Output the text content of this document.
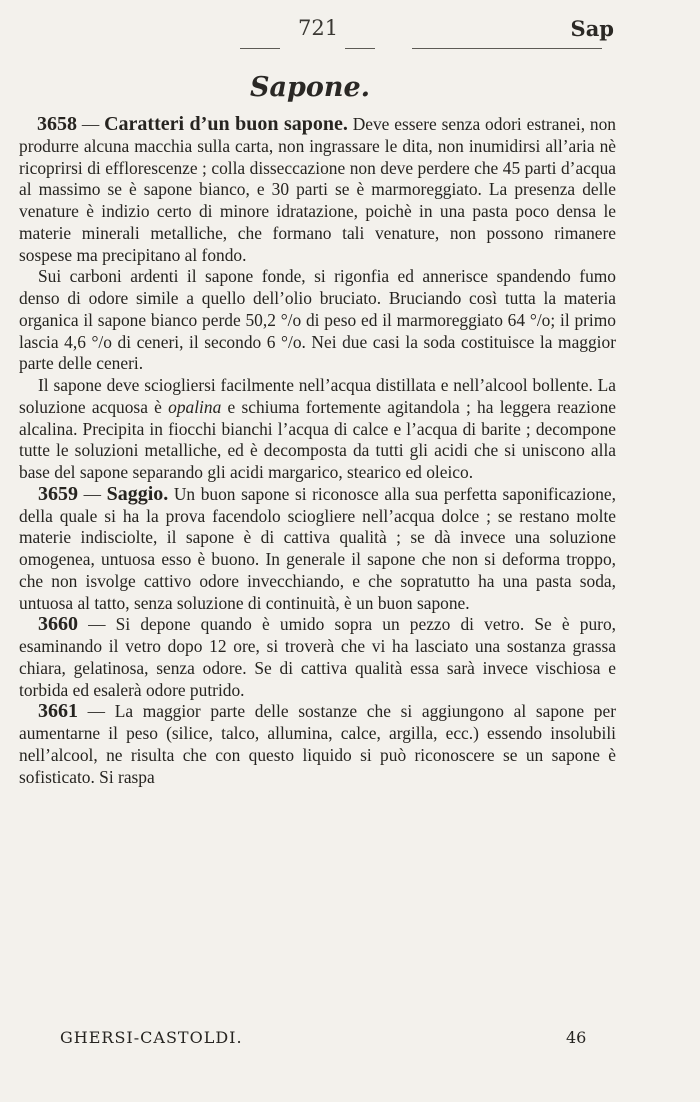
721	Sap
Sapone.

3658 — Caratteri d’un buon sapone. Deve essere senza odori estranei, non produrre alcuna macchia sulla carta, non ingrassare le dita, non inumidirsi all’aria nè ricoprirsi di efflorescenze ; colla disseccazione non deve perdere che 45 parti d’acqua al massimo se è sapone bianco, e 30 parti se è marmoreggiato. La presenza delle venature è indizio certo di minore idratazione, poichè in una pasta poco densa le materie minerali metalliche, che formano tali venature, non possono rimanere sospese ma precipitano al fondo.

Sui carboni ardenti il sapone fonde, si rigonfia ed annerisce spandendo fumo denso di odore simile a quello dell’olio bruciato. Bruciando così tutta la materia organica il sapone bianco perde 50,2 °/o di peso ed il marmoreggiato 64 °/o; il primo lascia 4,6 °/o di ceneri, il secondo 6 °/o. Nei due casi la soda costituisce la maggior parte delle ceneri.

Il sapone deve sciogliersi facilmente nell’acqua distillata e nell’alcool bollente. La soluzione acquosa è opalina e schiuma fortemente agitandola ; ha leggera reazione alcalina. Precipita in fiocchi bianchi l’acqua di calce e l’acqua di barite ; decompone tutte le soluzioni metalliche, ed è decomposta da tutti gli acidi che si uniscono alla base del sapone separando gli acidi margarico, stearico ed oleico.

3659 — Saggio. Un buon sapone si riconosce alla sua perfetta saponificazione, della quale si ha la prova facendolo sciogliere nell’acqua dolce ; se restano molte materie indisciolte, il sapone è di cattiva qualità ; se dà invece una soluzione omogenea, untuosa esso è buono. In generale il sapone che non si deforma troppo, che non isvolge cattivo odore invecchiando, e che sopratutto ha una pasta soda, untuosa al tatto, senza soluzione di continuità, è un buon sapone.

3660 — Si depone quando è umido sopra un pezzo di vetro. Se è puro, esaminando il vetro dopo 12 ore, si troverà che vi ha lasciato una sostanza grassa chiara, gelatinosa, senza odore. Se di cattiva qualità essa sarà invece vischiosa e torbida ed esalerà odore putrido.

3661 — La maggior parte delle sostanze che si aggiungono al sapone per aumentarne il peso (silice, talco, allumina, calce, argilla, ecc.) essendo insolubili nell’alcool, ne risulta che con questo liquido si può riconoscere se un sapone è sofisticato. Si raspa

GHERSI-CASTOLDI.	46
